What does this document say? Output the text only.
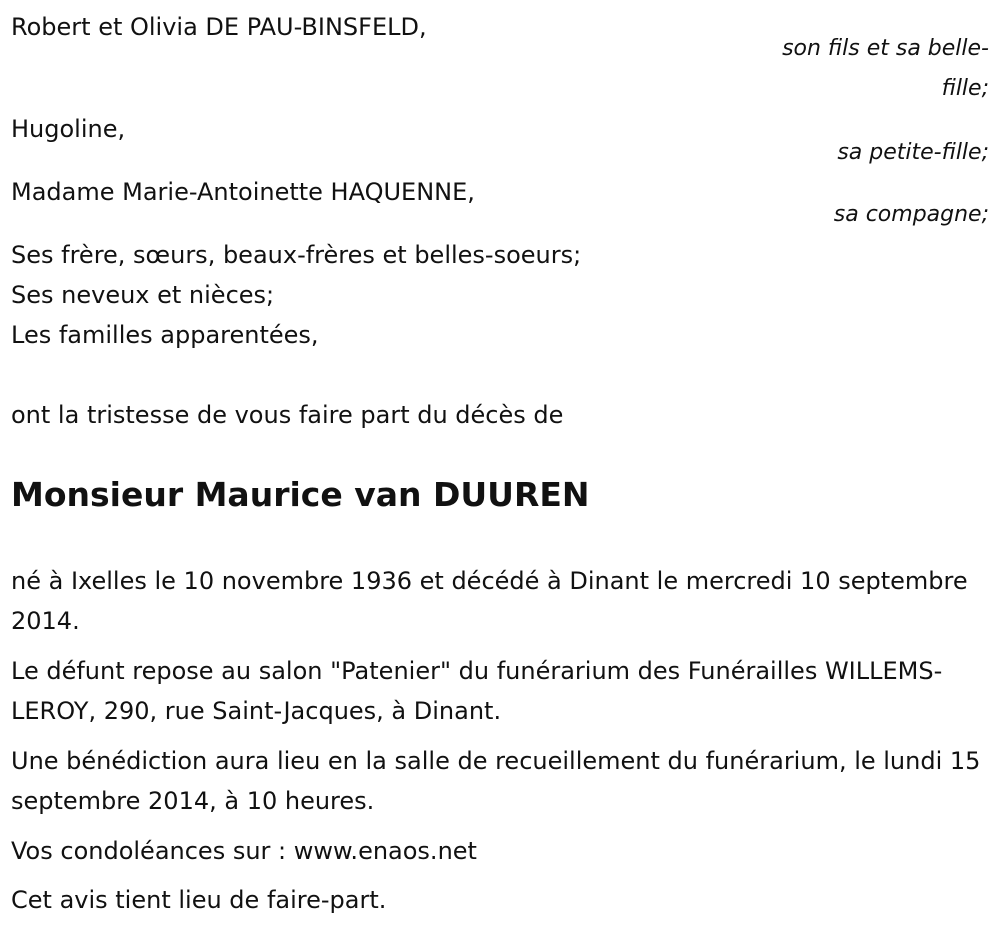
Robert et Olivia DE PAU-BINSFELD,
son fils et sa belle-
fille;
Hugoline,
sa petite-fille;
Madame Marie-Antoinette HAQUENNE,
sa compagne;
Ses frère, sœurs, beaux-frères et belles-soeurs;
Ses neveux et nièces;
Les familles apparentées,
ont la tristesse de vous faire part du décès de
Monsieur Maurice van DUUREN
né à Ixelles le 10 novembre 1936 et décédé à Dinant le mercredi 10 septembre 2014.
Le défunt repose au salon "Patenier" du funérarium des Funérailles WILLEMS-LEROY, 290, rue Saint-Jacques, à Dinant.
Une bénédiction aura lieu en la salle de recueillement du funérarium, le lundi 15 septembre 2014, à 10 heures.
Vos condoléances sur : www.enaos.net
Cet avis tient lieu de faire-part.
